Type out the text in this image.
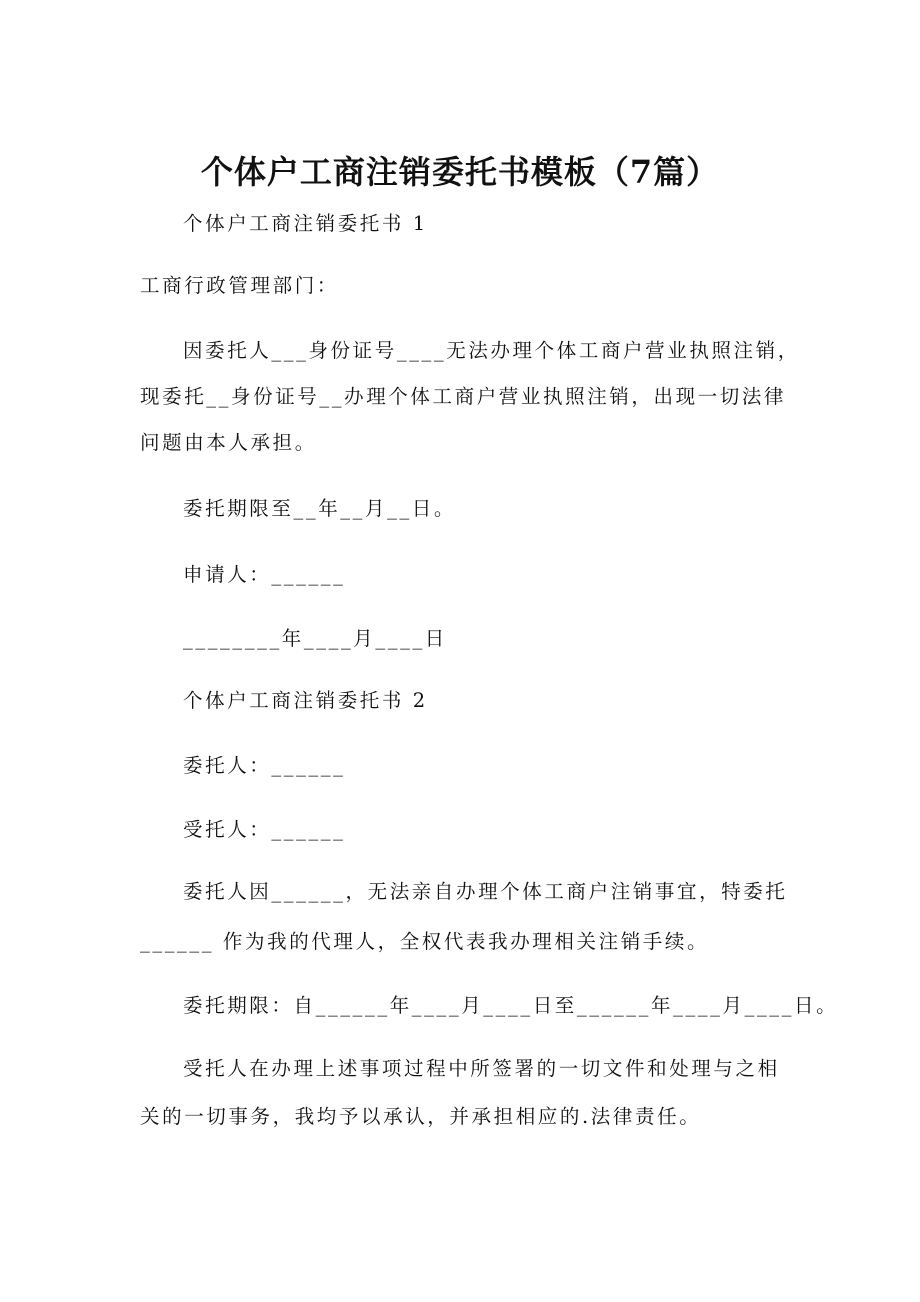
个体户工商注销委托书模板（7篇）
个体户工商注销委托书 1
工商行政管理部门：
因委托人___身份证号____无法办理个体工商户营业执照注销，
现委托__身份证号__办理个体工商户营业执照注销，出现一切法律
问题由本人承担。
委托期限至__年__月__日。
申请人：______
________年____月____日
个体户工商注销委托书 2
委托人：______
受托人：______
委托人因______，无法亲自办理个体工商户注销事宜，特委托
______ 作为我的代理人，全权代表我办理相关注销手续。
委托期限：自______年____月____日至______年____月____日。
受托人在办理上述事项过程中所签署的一切文件和处理与之相
关的一切事务，我均予以承认，并承担相应的.法律责任。
